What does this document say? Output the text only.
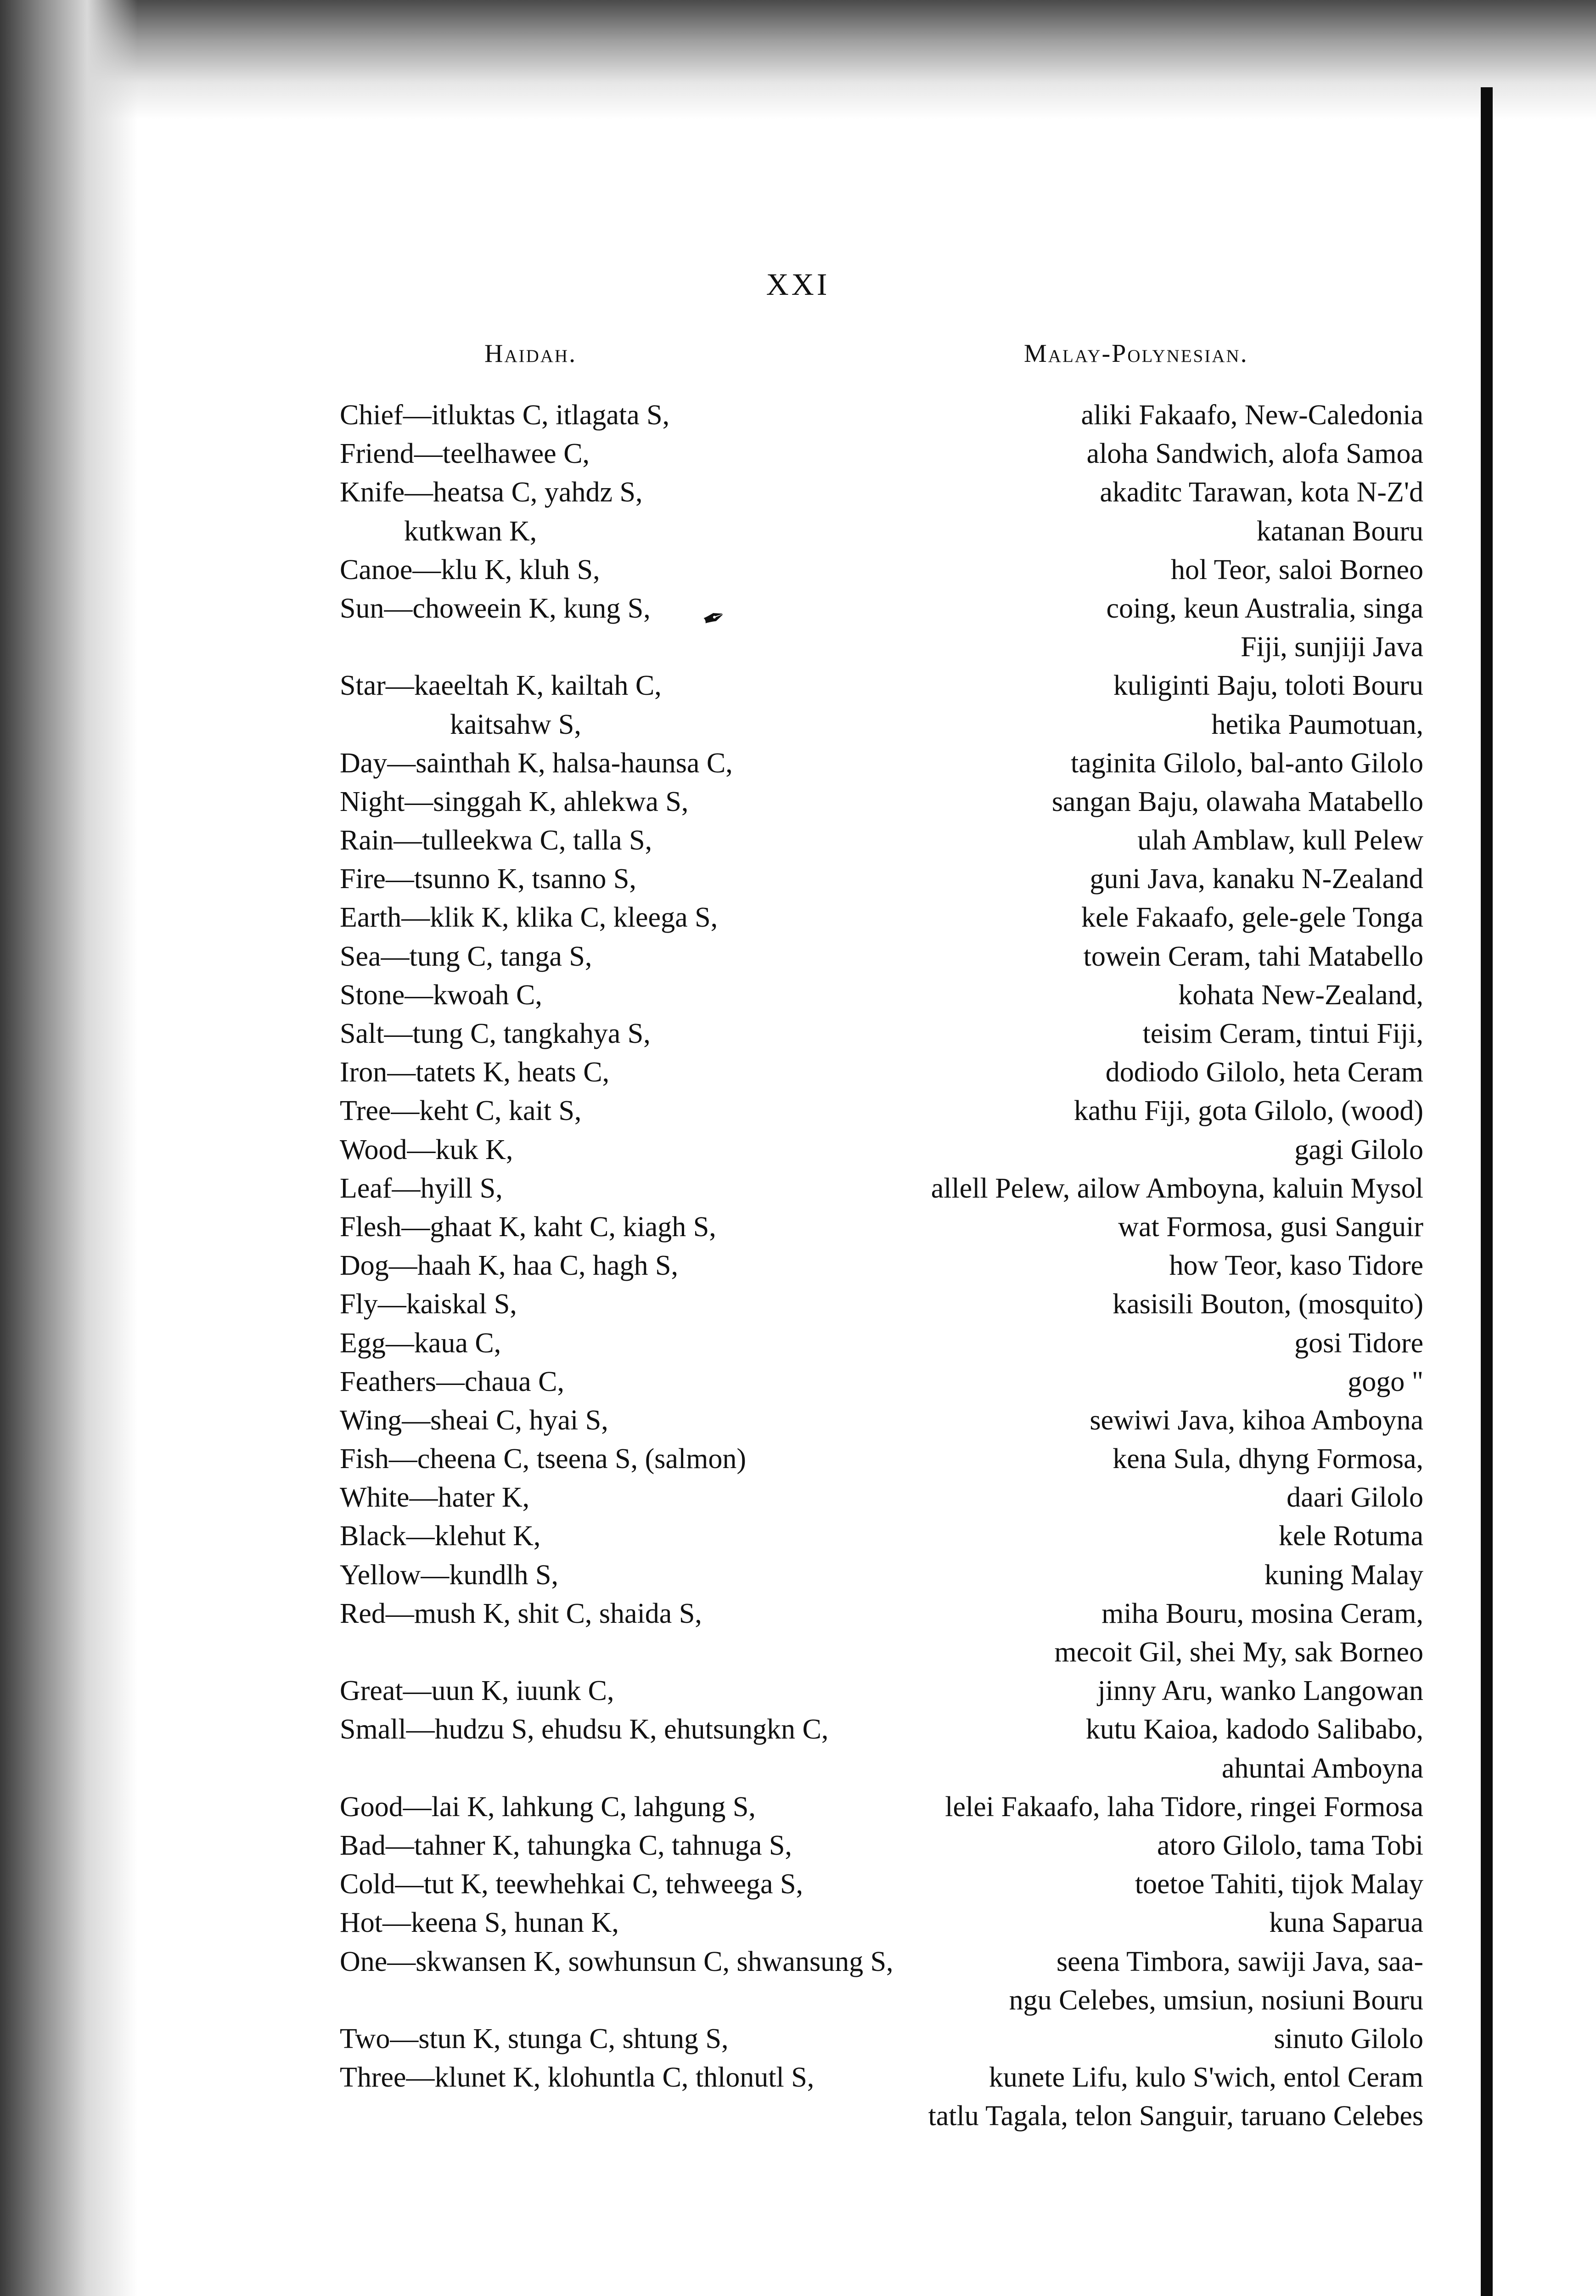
XXI
Haidah.	Malay-Polynesian.
✒
Chief—itluktas C, itlagata S,
Friend—teelhawee C,
Knife—heatsa C, yahdz S,
kutkwan K,
Canoe—klu K, kluh S,
Sun—choweein K, kung S,
Star—kaeeltah K, kailtah C,
kaitsahw S,
Day—sainthah K, halsa-haunsa C,
Night—singgah K, ahlekwa S,
Rain—tulleekwa C, talla S,
Fire—tsunno K, tsanno S,
Earth—klik K, klika C, kleega S,
Sea—tung C, tanga S,
Stone—kwoah C,
Salt—tung C, tangkahya S,
Iron—tatets K, heats C,
Tree—keht C, kait S,
Wood—kuk K,
Leaf—hyill S,
Flesh—ghaat K, kaht C, kiagh S,
Dog—haah K, haa C, hagh S,
Fly—kaiskal S,
Egg—kaua C,
Feathers—chaua C,
Wing—sheai C, hyai S,
Fish—cheena C, tseena S, (salmon)
White—hater K,
Black—klehut K,
Yellow—kundlh S,
Red—mush K, shit C, shaida S,
Great—uun K, iuunk C,
Small—hudzu S, ehudsu K, ehutsungkn C,
Good—lai K, lahkung C, lahgung S,
Bad—tahner K, tahungka C, tahnuga S,
Cold—tut K, teewhehkai C, tehweega S,
Hot—keena S, hunan K,
One—skwansen K, sowhunsun C, shwansung S,
Two—stun K, stunga C, shtung S,
Three—klunet K, klohuntla C, thlonutl S,
aliki Fakaafo, New-Caledonia
aloha Sandwich, alofa Samoa
akaditc Tarawan, kota N-Z'd
katanan Bouru
hol Teor, saloi Borneo
coing, keun Australia, singa
Fiji, sunjiji Java
kuliginti Baju, toloti Bouru
hetika Paumotuan,
taginita Gilolo, bal-anto Gilolo
sangan Baju, olawaha Matabello
ulah Amblaw, kull Pelew
guni Java, kanaku N-Zealand
kele Fakaafo, gele-gele Tonga
towein Ceram, tahi Matabello
kohata New-Zealand,
teisim Ceram, tintui Fiji,
dodiodo Gilolo, heta Ceram
kathu Fiji, gota Gilolo, (wood)
gagi Gilolo
allell Pelew, ailow Amboyna, kaluin Mysol
wat Formosa, gusi Sanguir
how Teor, kaso Tidore
kasisili Bouton, (mosquito)
gosi Tidore
gogo "
sewiwi Java, kihoa Amboyna
kena Sula, dhyng Formosa,
daari Gilolo
kele Rotuma
kuning Malay
miha Bouru, mosina Ceram,
mecoit Gil, shei My, sak Borneo
jinny Aru, wanko Langowan
kutu Kaioa, kadodo Salibabo,
ahuntai Amboyna
lelei Fakaafo, laha Tidore, ringei Formosa
atoro Gilolo, tama Tobi
toetoe Tahiti, tijok Malay
kuna Saparua
seena Timbora, sawiji Java, saa-
ngu Celebes, umsiun, nosiuni Bouru
sinuto Gilolo
kunete Lifu, kulo S'wich, entol Ceram
tatlu Tagala, telon Sanguir, taruano Celebes
